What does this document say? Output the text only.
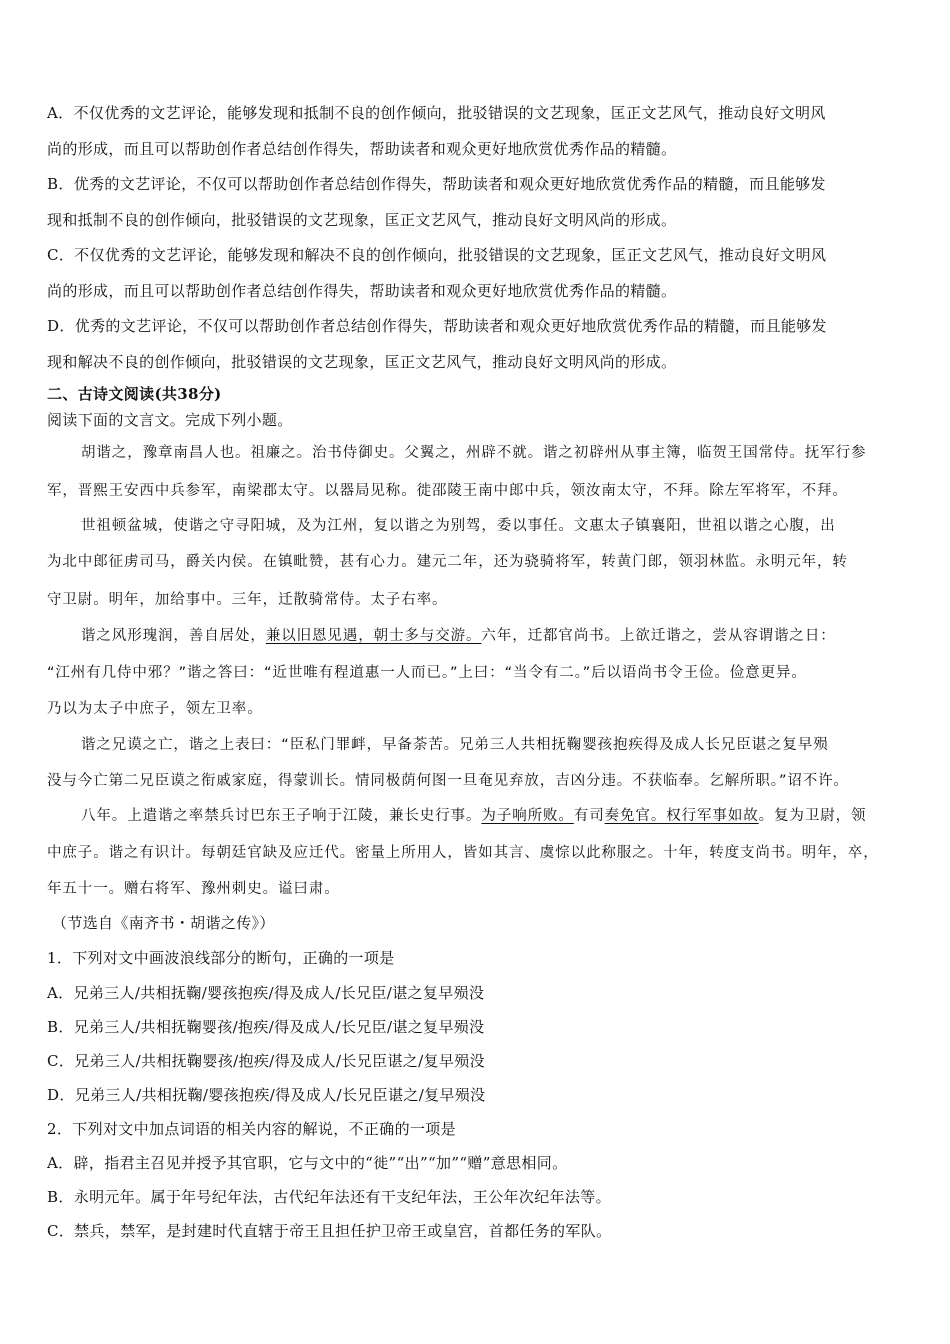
A．不仅优秀的文艺评论，能够发现和抵制不良的创作倾向，批驳错误的文艺现象，匡正文艺风气，推动良好文明风
尚的形成，而且可以帮助创作者总结创作得失，帮助读者和观众更好地欣赏优秀作品的精髓。
B．优秀的文艺评论，不仅可以帮助创作者总结创作得失，帮助读者和观众更好地欣赏优秀作品的精髓，而且能够发
现和抵制不良的创作倾向，批驳错误的文艺现象，匡正文艺风气，推动良好文明风尚的形成。
C．不仅优秀的文艺评论，能够发现和解决不良的创作倾向，批驳错误的文艺现象，匡正文艺风气，推动良好文明风
尚的形成，而且可以帮助创作者总结创作得失，帮助读者和观众更好地欣赏优秀作品的精髓。
D．优秀的文艺评论，不仅可以帮助创作者总结创作得失，帮助读者和观众更好地欣赏优秀作品的精髓，而且能够发
现和解决不良的创作倾向，批驳错误的文艺现象，匡正文艺风气，推动良好文明风尚的形成。
二、古诗文阅读(共38分)
阅读下面的文言文。完成下列小题。
胡谐之，豫章南昌人也。祖廉之。治书侍御史。父翼之，州辟不就。谐之初辟州从事主簿，临贺王国常侍。抚军行参
军，晋熙王安西中兵参军，南梁郡太守。以器局见称。徙邵陵王南中郎中兵，领汝南太守，不拜。除左军将军，不拜。
世祖顿盆城，使谐之守寻阳城，及为江州，复以谐之为别驾，委以事任。文惠太子镇襄阳，世祖以谐之心腹，出
为北中郎征虏司马，爵关内侯。在镇毗赞，甚有心力。建元二年，还为骁骑将军，转黄门郎，领羽林监。永明元年，转
守卫尉。明年，加给事中。三年，迁散骑常侍。太子右率。
谐之风形瑰润，善自居处，兼以旧恩见遇，朝士多与交游。六年，迁都官尚书。上欲迁谐之，尝从容谓谐之日：
“江州有几侍中邪？”谐之答曰：“近世唯有程道惠一人而已。”上曰：“当令有二。”后以语尚书令王俭。俭意更异。
乃以为太子中庶子，领左卫率。
谐之兄谟之亡，谐之上表曰：“臣私门罪衅，早备荼苦。兄弟三人共相抚鞠婴孩抱疾得及成人长兄臣谌之复早殒
没与今亡第二兄臣谟之衔戚家庭，得蒙训长。情同极荫何图一旦奄见弃放，吉凶分违。不获临奉。乞解所职。”诏不许。
八年。上遣谐之率禁兵讨巴东王子响于江陵，兼长史行事。为子响所败。有司奏免官。权行军事如故。复为卫尉，领
中庶子。谐之有识计。每朝廷官缺及应迁代。密量上所用人，皆如其言、虞悰以此称服之。十年，转度支尚书。明年，卒，
年五十一。赠右将军、豫州刺史。谥曰肃。
（节选自《南齐书・胡谐之传》）
1．下列对文中画波浪线部分的断句，正确的一项是
A．兄弟三人/共相抚鞠/婴孩抱疾/得及成人/长兄臣/谌之复早殒没
B．兄弟三人/共相抚鞠婴孩/抱疾/得及成人/长兄臣/谌之复早殒没
C．兄弟三人/共相抚鞠婴孩/抱疾/得及成人/长兄臣谌之/复早殒没
D．兄弟三人/共相抚鞠/婴孩抱疾/得及成人/长兄臣谌之/复早殒没
2．下列对文中加点词语的相关内容的解说，不正确的一项是
A．辟，指君主召见并授予其官职，它与文中的“徙”“出”“加”“赠”意思相同。
B．永明元年。属于年号纪年法，古代纪年法还有干支纪年法，王公年次纪年法等。
C．禁兵，禁军，是封建时代直辖于帝王且担任护卫帝王或皇宫，首都任务的军队。
